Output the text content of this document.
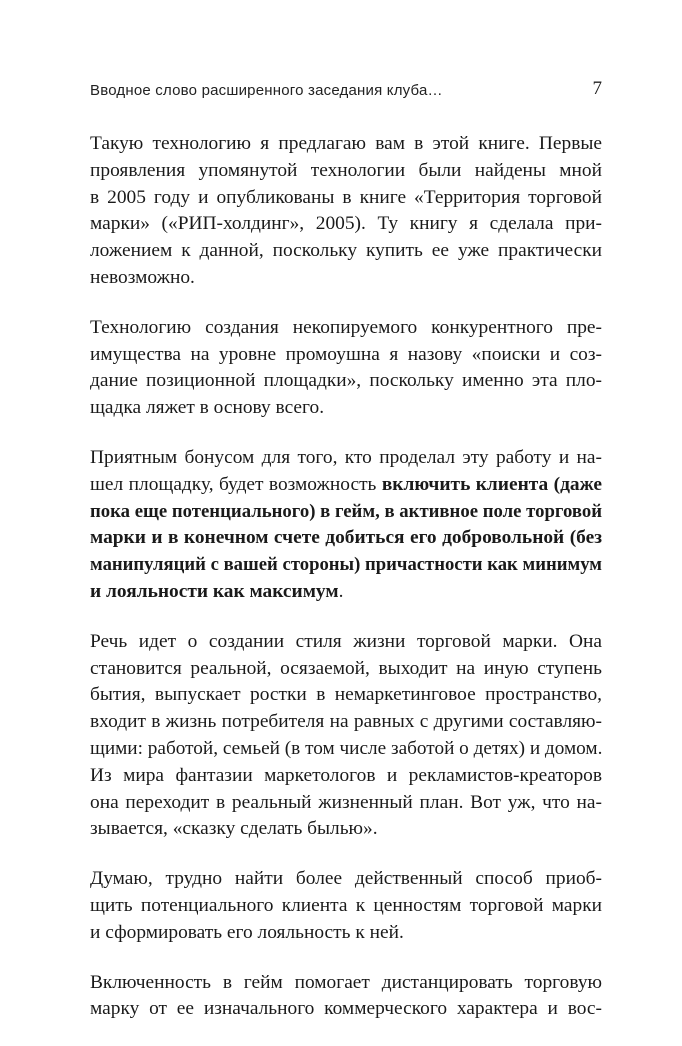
Вводное слово расширенного заседания клуба…	7
Такую технологию я предлагаю вам в этой книге. Первые
проявления упомянутой технологии были найдены мной
в 2005 году и опубликованы в книге «Территория торговой
марки» («РИП-холдинг», 2005). Ту книгу я сделала при-
ложением к данной, поскольку купить ее уже практически
невозможно.
Технологию создания некопируемого конкурентного пре-
имущества на уровне промоушна я назову «поиски и соз-
дание позиционной площадки», поскольку именно эта пло-
щадка ляжет в основу всего.
Приятным бонусом для того, кто проделал эту работу и на-
шел площадку, будет возможность включить клиента (даже
пока еще потенциального) в гейм, в активное поле торговой
марки и в конечном счете добиться его добровольной (без
манипуляций с вашей стороны) причастности как минимум
и лояльности как максимум.
Речь идет о создании стиля жизни торговой марки. Она
становится реальной, осязаемой, выходит на иную ступень
бытия, выпускает ростки в немаркетинговое пространство,
входит в жизнь потребителя на равных с другими составляю-
щими: работой, семьей (в том числе заботой о детях) и домом.
Из мира фантазии маркетологов и рекламистов-креаторов
она переходит в реальный жизненный план. Вот уж, что на-
зывается, «сказку сделать былью».
Думаю, трудно найти более действенный способ приоб-
щить потенциального клиента к ценностям торговой марки
и сформировать его лояльность к ней.
Включенность в гейм помогает дистанцировать торговую
марку от ее изначального коммерческого характера и вос-
